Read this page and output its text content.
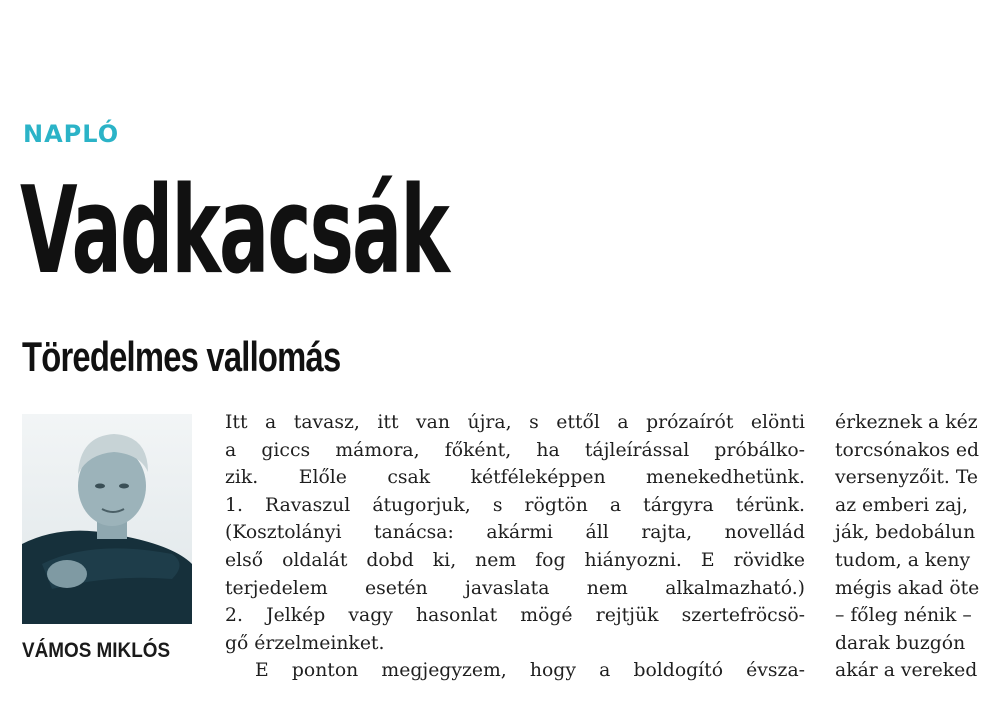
NAPLÓ
Vadkacsák
Töredelmes vallomás
VÁMOS MIKLÓS
Itt a tavasz, itt van újra, s ettől a prózaírót elönti
a giccs mámora, főként, ha tájleírással próbálko-
zik. Előle csak kétféleképpen menekedhetünk.
1. Ravaszul átugorjuk, s rögtön a tárgyra térünk.
(Kosztolányi tanácsa: akármi áll rajta, novellád
első oldalát dobd ki, nem fog hiányozni. E rövidke
terjedelem esetén javaslata nem alkalmazható.)
2. Jelkép vagy hasonlat mögé rejtjük szertefröcsö-
gő érzelmeinket.
E ponton megjegyzem, hogy a boldogító évsza-
érkeznek a kéz
torcsónakos ed
versenyzőit. Te
az emberi zaj,
ják, bedobálun
tudom, a keny
mégis akad öte
– főleg nénik –
darak buzgón
akár a vereked
